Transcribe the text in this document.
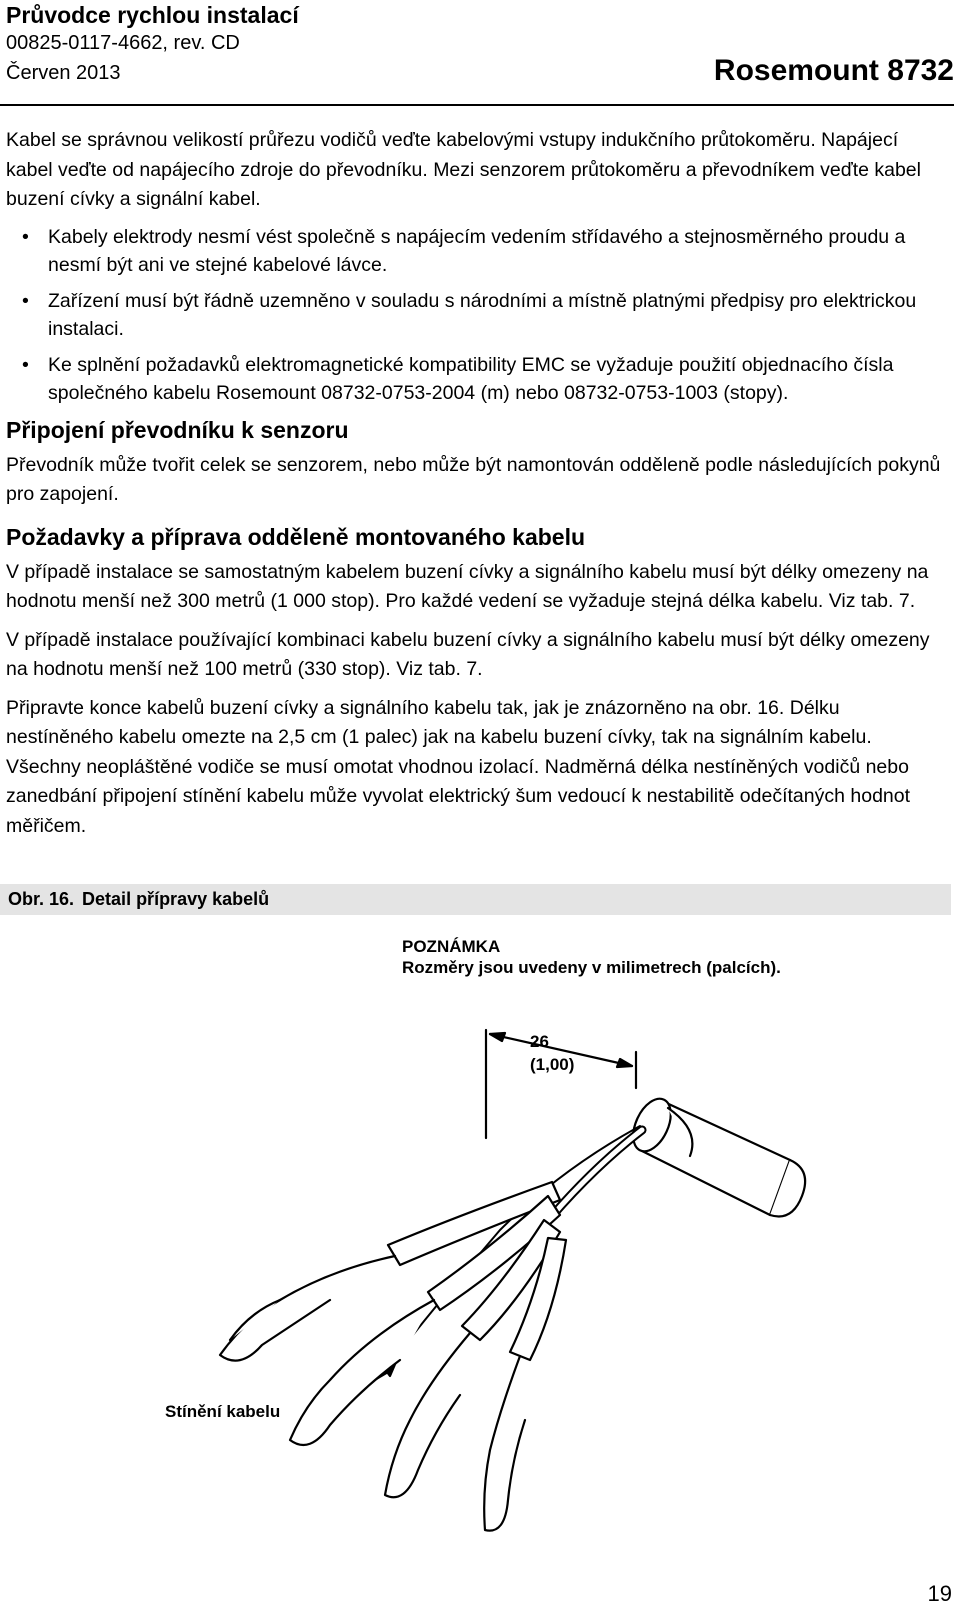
Průvodce rychlou instalací
00825-0117-4662, rev. CD
Červen 2013	Rosemount 8732

Kabel se správnou velikostí průřezu vodičů veďte kabelovými vstupy indukčního průtokoměru. Napájecí kabel veďte od napájecího zdroje do převodníku. Mezi senzorem průtokoměru a převodníkem veďte kabel buzení cívky a signální kabel.

• Kabely elektrody nesmí vést společně s napájecím vedením střídavého a stejnosměrného proudu a nesmí být ani ve stejné kabelové lávce.
• Zařízení musí být řádně uzemněno v souladu s národními a místně platnými předpisy pro elektrickou instalaci.
• Ke splnění požadavků elektromagnetické kompatibility EMC se vyžaduje použití objednacího čísla společného kabelu Rosemount 08732-0753-2004 (m) nebo 08732-0753-1003 (stopy).
Připojení převodníku k senzoru

Převodník může tvořit celek se senzorem, nebo může být namontován odděleně podle následujících pokynů pro zapojení.

Požadavky a příprava odděleně montovaného kabelu

V případě instalace se samostatným kabelem buzení cívky a signálního kabelu musí být délky omezeny na hodnotu menší než 300 metrů (1 000 stop). Pro každé vedení se vyžaduje stejná délka kabelu. Viz tab. 7.

V případě instalace používající kombinaci kabelu buzení cívky a signálního kabelu musí být délky omezeny na hodnotu menší než 100 metrů (330 stop). Viz tab. 7.

Připravte konce kabelů buzení cívky a signálního kabelu tak, jak je znázorněno na obr. 16. Délku nestíněného kabelu omezte na 2,5 cm (1 palec) jak na kabelu buzení cívky, tak na signálním kabelu. Všechny neopláštěné vodiče se musí omotat vhodnou izolací. Nadměrná délka nestíněných vodičů nebo zanedbání připojení stínění kabelu může vyvolat elektrický šum vedoucí k nestabilitě odečítaných hodnot měřičem.

Obr. 16. Detail přípravy kabelů
POZNÁMKA
Rozměry jsou uvedeny v milimetrech (palcích).
26
(1,00)
Stínění kabelu
19
